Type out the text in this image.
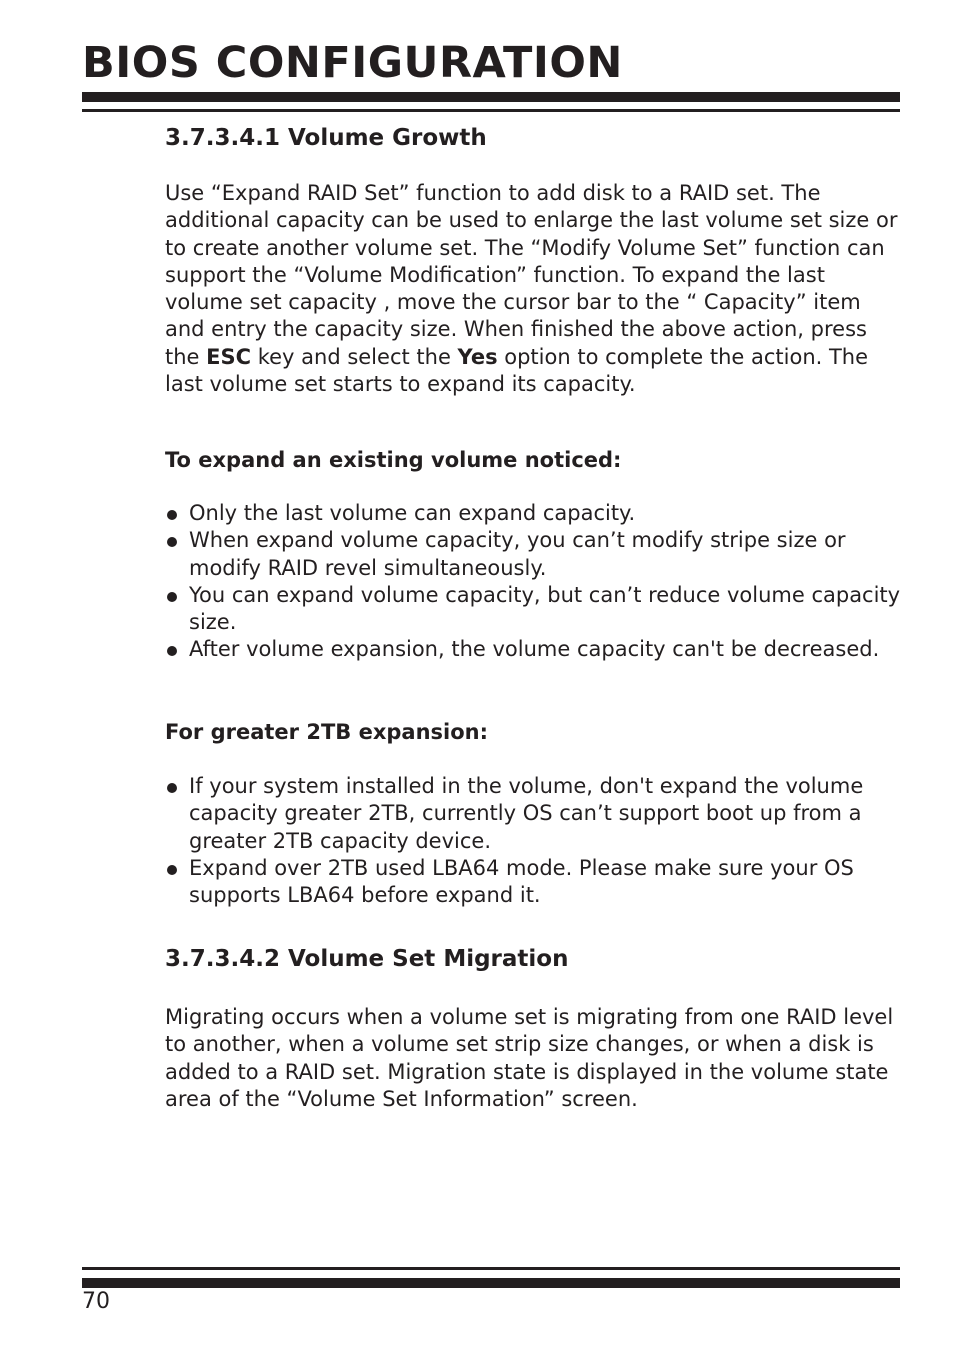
BIOS CONFIGURATION
3.7.3.4.1 Volume Growth

Use “Expand RAID Set” function to add disk to a RAID set. The additional capacity can be used to enlarge the last volume set size or to create another volume set. The “Modify Volume Set” function can support the “Volume Modification” function. To expand the last volume set capacity , move the cursor bar to the “ Capacity” item and entry the capacity size. When finished the above action, press the ESC key and select the Yes option to complete the action. The last volume set starts to expand its capacity.

To expand an existing volume noticed:
Only the last volume can expand capacity.
When expand volume capacity, you can’t modify stripe size or modify RAID revel simultaneously.
You can expand volume capacity, but can’t reduce volume capacity size.
After volume expansion, the volume capacity can't be decreased.
For greater 2TB expansion:
If your system installed in the volume, don't expand the volume capacity greater 2TB, currently OS can’t support boot up from a greater 2TB capacity device.
Expand over 2TB used LBA64 mode. Please make sure your OS supports LBA64 before expand it.
3.7.3.4.2 Volume Set Migration

Migrating occurs when a volume set is migrating from one RAID level to another, when a volume set strip size changes, or when a disk is added to a RAID set. Migration state is displayed in the volume state area of the “Volume Set Information” screen.

70
